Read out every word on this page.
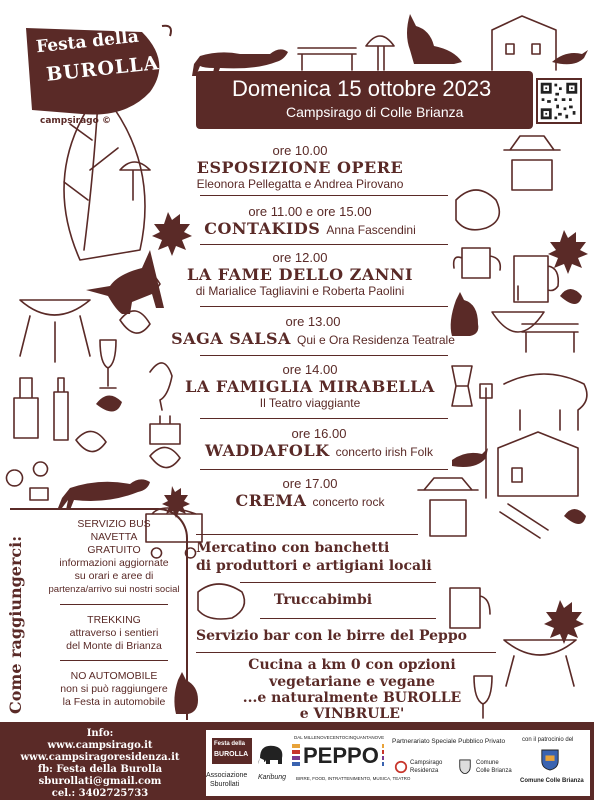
Festa della
BUROLLA
campsirago ©
Domenica 15 ottobre 2023
Campsirago di Colle Brianza
ore 10.00
ESPOSIZIONE OPERE
Eleonora Pellegatta e Andrea Pirovano
ore 11.00 e ore 15.00
CONTAKIDS Anna Fascendini
ore 12.00
LA FAME DELLO ZANNI
di Marialice Tagliavini e Roberta Paolini
ore 13.00
SAGA SALSA Qui e Ora Residenza Teatrale
ore 14.00
LA FAMIGLIA MIRABELLA
Il Teatro viaggiante
ore 16.00
WADDAFOLK concerto irish Folk
ore 17.00
CREMA concerto rock
Come raggiungerci:
SERVIZIO BUS
NAVETTA
GRATUITO
informazioni aggiornate
su orari e aree di
partenza/arrivo sui nostri social
TREKKING
attraverso i sentieri
del Monte di Brianza
NO AUTOMOBILE
non si può raggiungere
la Festa in automobile
Mercatino con banchetti
di produttori e artigiani locali
Truccabimbi
Servizio bar con le birre del Peppo
Cucina a km 0 con opzioni
vegetariane e vegane
...e naturalmente BUROLLE
e VINBRULE'
Info:
www.campsirago.it
www.campsiragoresidenza.it
fb: Festa della Burolla
sburollati@gmail.com
cel.: 3402725733
Festa della
BUROLLA
Associazione
Sburollati
Karibung
DAL MILLENOVECENTOCINQUANTANOVE
PEPPO
BIRRE, FOOD, INTRATTENIMENTO, MUSICA, TEATRO
Partnerariato Speciale Pubblico Privato
Campsirago
Residenza
Comune
Colle Brianza
con il patrocinio del
Comune Colle Brianza
